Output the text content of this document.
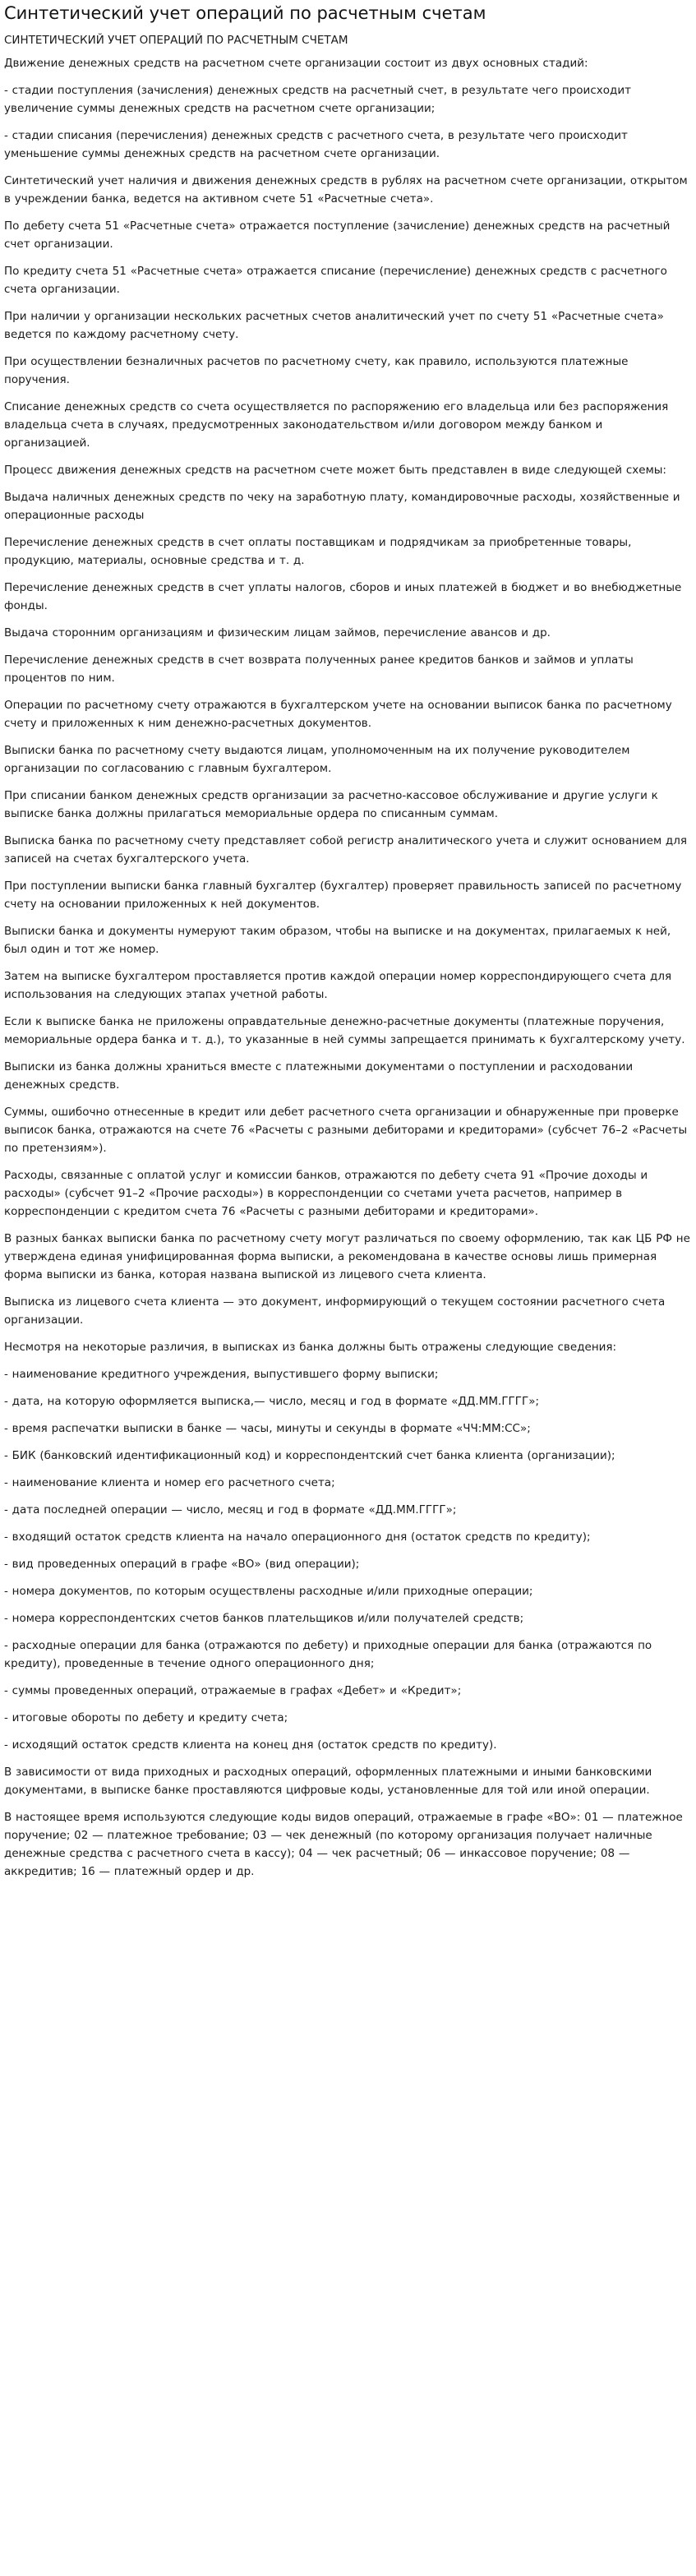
Синтетический учет операций по расчетным счетам
СИНТЕТИЧЕСКИЙ УЧЕТ ОПЕРАЦИЙ ПО РАСЧЕТНЫМ СЧЕТАМ

Движение денежных средств на расчетном счете организации состоит из двух основных стадий:

- стадии поступления (зачисления) денежных средств на расчетный счет, в результате чего происходит увеличение суммы денежных средств на расчетном счете организации;

- стадии списания (перечисления) денежных средств с расчетного счета, в результате чего происходит уменьшение суммы денежных средств на расчетном счете организации.

Синтетический учет наличия и движения денежных средств в рублях на расчетном счете организации, открытом в учреждении банка, ведется на активном счете 51 «Расчетные счета».

По дебету счета 51 «Расчетные счета» отражается поступление (зачисление) денежных средств на расчетный счет организации.

По кредиту счета 51 «Расчетные счета» отражается списание (перечисление) денежных средств с расчетного счета организации.

При наличии у организации нескольких расчетных счетов аналитический учет по счету 51 «Расчетные счета» ведется по каждому расчетному счету.

При осуществлении безналичных расчетов по расчетному счету, как правило, используются платежные поручения.

Списание денежных средств со счета осуществляется по распоряжению его владельца или без распоряжения владельца счета в случаях, предусмотренных законодательством и/или договором между банком и организацией.

Процесс движения денежных средств на расчетном счете может быть представлен в виде следующей схемы:

Выдача наличных денежных средств по чеку на заработную плату, командировочные расходы, хозяйственные и операционные расходы

Перечисление денежных средств в счет оплаты поставщикам и подрядчикам за приобретенные товары, продукцию, материалы, основные средства и т. д.

Перечисление денежных средств в счет уплаты налогов, сборов и иных платежей в бюджет и во внебюджетные фонды.

Выдача сторонним организациям и физическим лицам займов, перечисление авансов и др.

Перечисление денежных средств в счет возврата полученных ранее кредитов банков и займов и уплаты процентов по ним.

Операции по расчетному счету отражаются в бухгалтерском учете на основании выписок банка по расчетному счету и приложенных к ним денежно-расчетных документов.

Выписки банка по расчетному счету выдаются лицам, уполномоченным на их получение руководителем организации по согласованию с главным бухгалтером.

При списании банком денежных средств организации за расчетно-кассовое обслуживание и другие услуги к выписке банка должны прилагаться мемориальные ордера по списанным суммам.

Выписка банка по расчетному счету представляет собой регистр аналитического учета и служит основанием для записей на счетах бухгалтерского учета.

При поступлении выписки банка главный бухгалтер (бухгалтер) проверяет правильность записей по расчетному счету на основании приложенных к ней документов.

Выписки банка и документы нумеруют таким образом, чтобы на выписке и на документах, прилагаемых к ней, был один и тот же номер.

Затем на выписке бухгалтером проставляется против каждой операции номер корреспондирующего счета для использования на следующих этапах учетной работы.

Если к выписке банка не приложены оправдательные денежно-расчетные документы (платежные поручения, мемориальные ордера банка и т. д.), то указанные в ней суммы запрещается принимать к бухгалтерскому учету.

Выписки из банка должны храниться вместе с платежными документами о поступлении и расходовании денежных средств.

Суммы, ошибочно отнесенные в кредит или дебет расчетного счета организации и обнаруженные при проверке выписок банка, отражаются на счете 76 «Расчеты с разными дебиторами и кредиторами» (субсчет 76–2 «Расчеты по претензиям»).

Расходы, связанные с оплатой услуг и комиссии банков, отражаются по дебету счета 91 «Прочие доходы и расходы» (субсчет 91–2 «Прочие расходы») в корреспонденции со счетами учета расчетов, например в корреспонденции с кредитом счета 76 «Расчеты с разными дебиторами и кредиторами».

В разных банках выписки банка по расчетному счету могут различаться по своему оформлению, так как ЦБ РФ не утверждена единая унифицированная форма выписки, а рекомендована в качестве основы лишь примерная форма выписки из банка, которая названа выпиской из лицевого счета клиента.

Выписка из лицевого счета клиента — это документ, информирующий о текущем состоянии расчетного счета организации.

Несмотря на некоторые различия, в выписках из банка должны быть отражены следующие сведения:

- наименование кредитного учреждения, выпустившего форму выписки;

- дата, на которую оформляется выписка,— число, месяц и год в формате «ДД.ММ.ГГГГ»;

- время распечатки выписки в банке — часы, минуты и секунды в формате «ЧЧ:ММ:СС»;

- БИК (банковский идентификационный код) и корреспондентский счет банка клиента (организации);

- наименование клиента и номер его расчетного счета;

- дата последней операции — число, месяц и год в формате «ДД.ММ.ГГГГ»;

- входящий остаток средств клиента на начало операционного дня (остаток средств по кредиту);

- вид проведенных операций в графе «ВО» (вид операции);

- номера документов, по которым осуществлены расходные и/или приходные операции;

- номера корреспондентских счетов банков плательщиков и/или получателей средств;

- расходные операции для банка (отражаются по дебету) и приходные операции для банка (отражаются по кредиту), проведенные в течение одного операционного дня;

- суммы проведенных операций, отражаемые в графах «Дебет» и «Кредит»;

- итоговые обороты по дебету и кредиту счета;

- исходящий остаток средств клиента на конец дня (остаток средств по кредиту).

В зависимости от вида приходных и расходных операций, оформленных платежными и иными банковскими документами, в выписке банке проставляются цифровые коды, установленные для той или иной операции.

В настоящее время используются следующие коды видов операций, отражаемые в графе «ВО»: 01 — платежное поручение; 02 — платежное требование; 03 — чек денежный (по которому организация получает наличные денежные средства с расчетного счета в кассу); 04 — чек расчетный; 06 — инкассовое поручение; 08 — аккредитив; 16 — платежный ордер и др.
